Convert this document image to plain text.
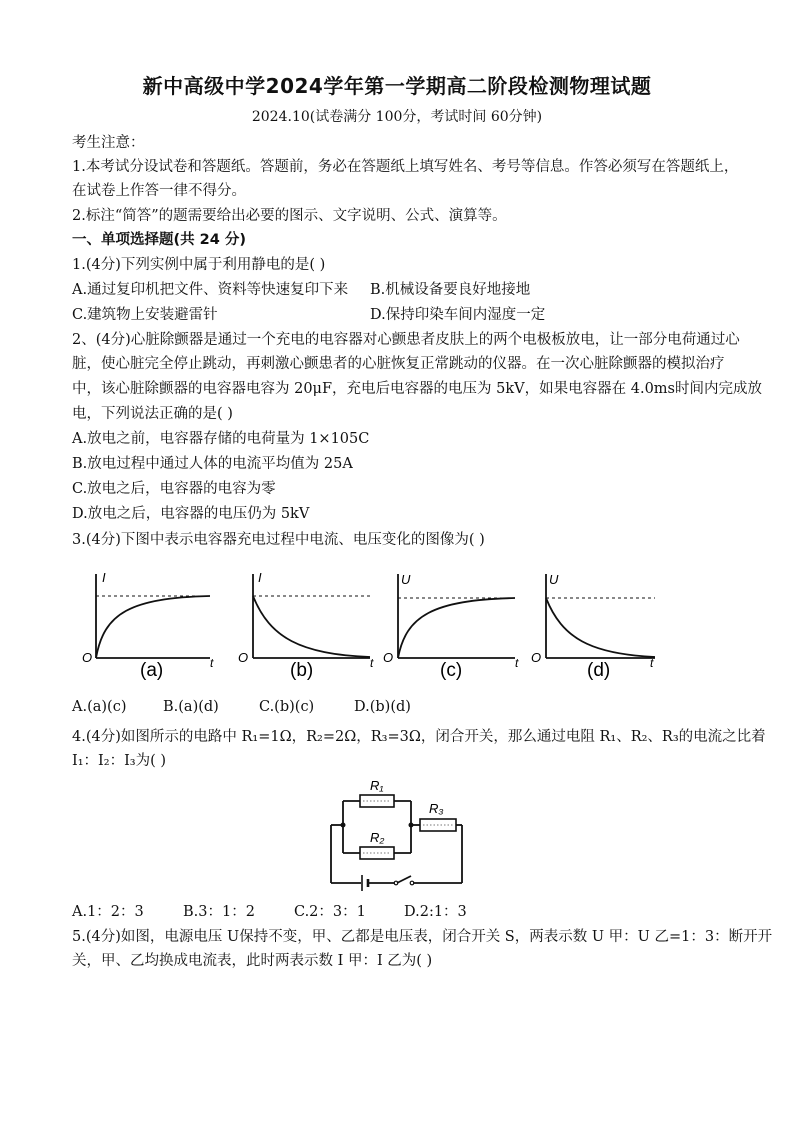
新中高级中学2024学年第一学期高二阶段检测物理试题
2024.10(试卷满分 100分，考试时间 60分钟)
考生注意：
1.本考试分设试卷和答题纸。答题前，务必在答题纸上填写姓名、考号等信息。作答必须写在答题纸上，
在试卷上作答一律不得分。
2.标注“简答”的题需要给出必要的图示、文字说明、公式、演算等。
一、单项选择题(共 24 分)
1.(4分)下列实例中属于利用静电的是( )
A.通过复印机把文件、资料等快速复印下来 B.机械设备要良好地接地
C.建筑物上安装避雷针	D.保持印染车间内湿度一定
2、(4分)心脏除颤器是通过一个充电的电容器对心颤患者皮肤上的两个电极板放电，让一部分电荷通过心
脏，使心脏完全停止跳动，再刺激心颤患者的心脏恢复正常跳动的仪器。在一次心脏除颤器的模拟治疗
中，该心脏除颤器的电容器电容为 20μF，充电后电容器的电压为 5kV，如果电容器在 4.0ms时间内完成放
电，下列说法正确的是( )
A.放电之前，电容器存储的电荷量为 1×105C
B.放电过程中通过人体的电流平均值为 25A
C.放电之后，电容器的电容为零
D.放电之后，电容器的电压仍为 5kV
3.(4分)下图中表示电容器充电过程中电流、电压变化的图像为( )
I
O	t
(a)
I
O	t
(b)
U
O	t
(c)
U
O	t
(d)
A.(a)(c)	B.(a)(d)	C.(b)(c)	D.(b)(d)
4.(4分)如图所示的电路中 R₁=1Ω，R₂=2Ω，R₃=3Ω，闭合开关，那么通过电阻 R₁、R₂、R₃的电流之比着
I₁：I₂：I₃为( )
R₁
R₂
R₃
A.1：2：3	B.3：1：2	C.2：3：1	D.2:1：3
5.(4分)如图，电源电压 U保持不变，甲、乙都是电压表，闭合开关 S，两表示数 U 甲：U 乙=1：3：断开开
关，甲、乙均换成电流表，此时两表示数 I 甲：I 乙为( )
